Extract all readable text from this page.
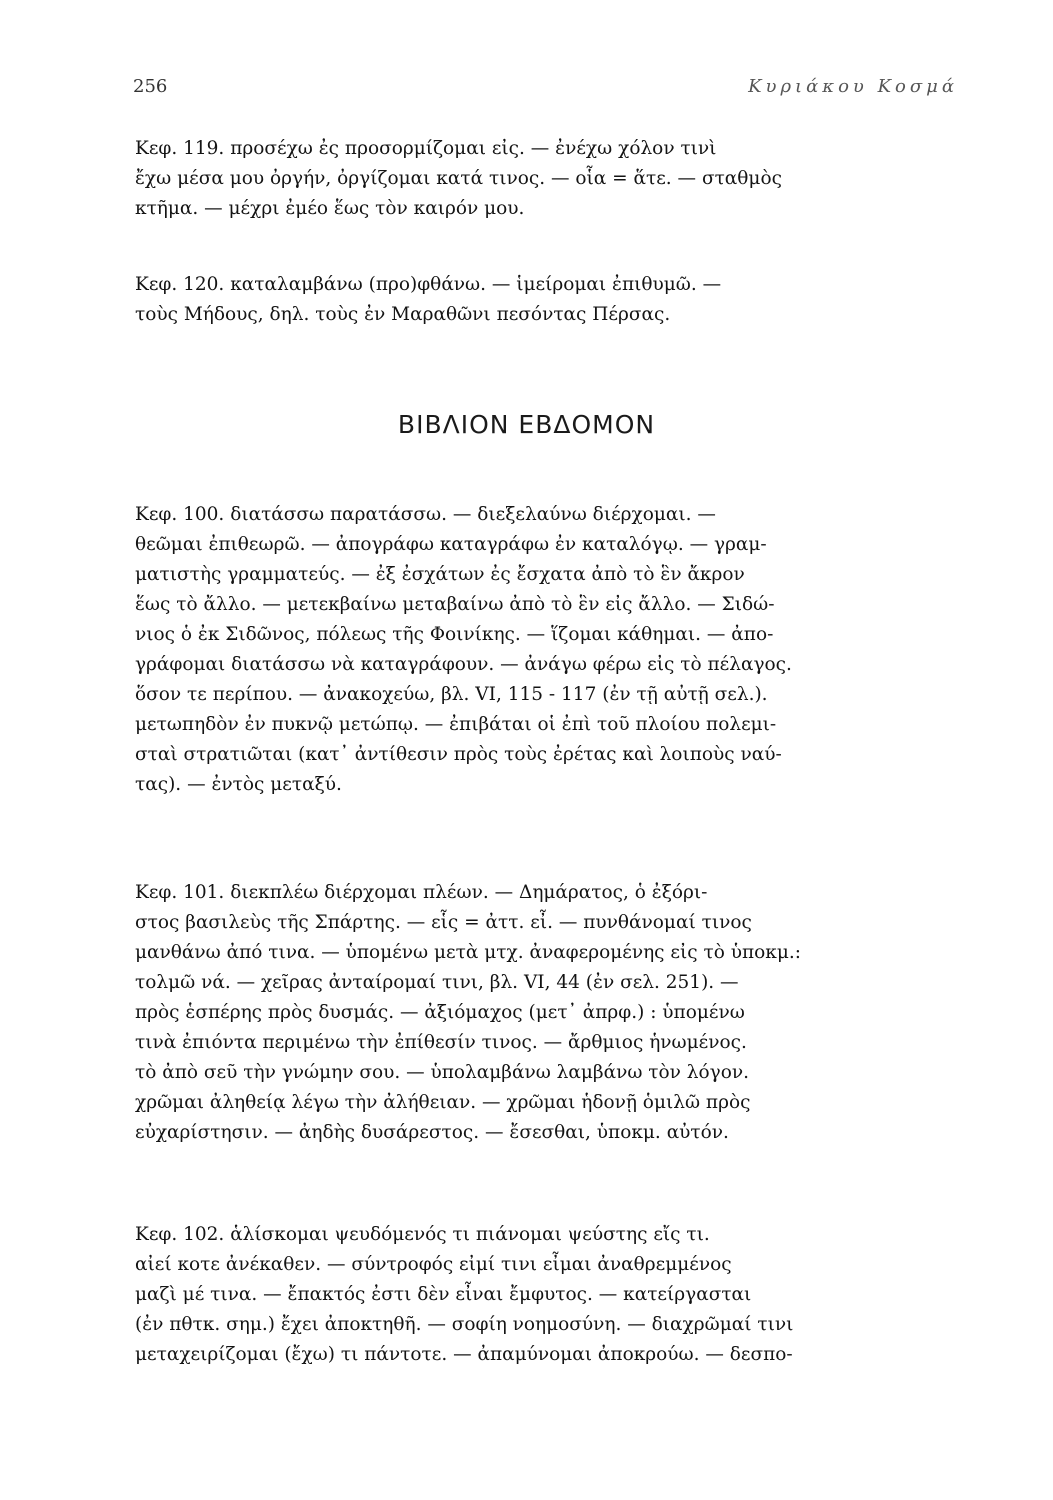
256	Κυριάκου Κοσμά
Κεφ. 119. προσέχω ἐς προσορμίζομαι εἰς. — ἐνέχω χόλον τινὶ
ἔχω μέσα μου ὀργήν, ὀργίζομαι κατά τινος. — οἷα = ἅτε. — σταθμὸς
κτῆμα. — μέχρι ἐμέο ἕως τὸν καιρόν μου.
Κεφ. 120. καταλαμβάνω (προ)φθάνω. — ἱμείρομαι ἐπιθυμῶ. —
τοὺς Μήδους, δηλ. τοὺς ἐν Μαραθῶνι πεσόντας Πέρσας.
ΒΙΒΛΙΟΝ ΕΒΔΟΜΟΝ
Κεφ. 100. διατάσσω παρατάσσω. — διεξελαύνω διέρχομαι. —
θεῶμαι ἐπιθεωρῶ. — ἀπογράφω καταγράφω ἐν καταλόγῳ. — γραμ-
ματιστὴς γραμματεύς. — ἐξ ἐσχάτων ἐς ἔσχατα ἀπὸ τὸ ἓν ἄκρον
ἕως τὸ ἄλλο. — μετεκβαίνω μεταβαίνω ἀπὸ τὸ ἓν εἰς ἄλλο. — Σιδώ-
νιος ὁ ἐκ Σιδῶνος, πόλεως τῆς Φοινίκης. — ἵζομαι κάθημαι. — ἀπο-
γράφομαι διατάσσω νὰ καταγράφουν. — ἀνάγω φέρω εἰς τὸ πέλαγος.
ὅσον τε περίπου. — ἀνακοχεύω, βλ. VI, 115 - 117 (ἐν τῇ αὐτῇ σελ.).
μετωπηδὸν ἐν πυκνῷ μετώπῳ. — ἐπιβάται οἱ ἐπὶ τοῦ πλοίου πολεμι-
σταὶ στρατιῶται (κατ᾽ ἀντίθεσιν πρὸς τοὺς ἐρέτας καὶ λοιποὺς ναύ-
τας). — ἐντὸς μεταξύ.
Κεφ. 101. διεκπλέω διέρχομαι πλέων. — Δημάρατος, ὁ ἐξόρι-
στος βασιλεὺς τῆς Σπάρτης. — εἷς = ἀττ. εἶ. — πυνθάνομαί τινος
μανθάνω ἀπό τινα. — ὑπομένω μετὰ μτχ. ἀναφερομένης εἰς τὸ ὑποκμ.:
τολμῶ νά. — χεῖρας ἀνταίρομαί τινι, βλ. VI, 44 (ἐν σελ. 251). —
πρὸς ἑσπέρης πρὸς δυσμάς. — ἀξιόμαχος (μετ᾽ ἀπρφ.) : ὑπομένω
τινὰ ἐπιόντα περιμένω τὴν ἐπίθεσίν τινος. — ἄρθμιος ἡνωμένος.
τὸ ἀπὸ σεῦ τὴν γνώμην σου. — ὑπολαμβάνω λαμβάνω τὸν λόγον.
χρῶμαι ἀληθείᾳ λέγω τὴν ἀλήθειαν. — χρῶμαι ἡδονῇ ὁμιλῶ πρὸς
εὐχαρίστησιν. — ἀηδὴς δυσάρεστος. — ἔσεσθαι, ὑποκμ. αὐτόν.
Κεφ. 102. ἁλίσκομαι ψευδόμενός τι πιάνομαι ψεύστης εἴς τι.
αἰεί κοτε ἀνέκαθεν. — σύντροφός εἰμί τινι εἶμαι ἀναθρεμμένος
μαζὶ μέ τινα. — ἔπακτός ἐστι δὲν εἶναι ἔμφυτος. — κατείργασται
(ἐν πθτκ. σημ.) ἔχει ἀποκτηθῆ. — σοφίη νοημοσύνη. — διαχρῶμαί τινι
μεταχειρίζομαι (ἔχω) τι πάντοτε. — ἀπαμύνομαι ἀποκρούω. — δεσπο-
